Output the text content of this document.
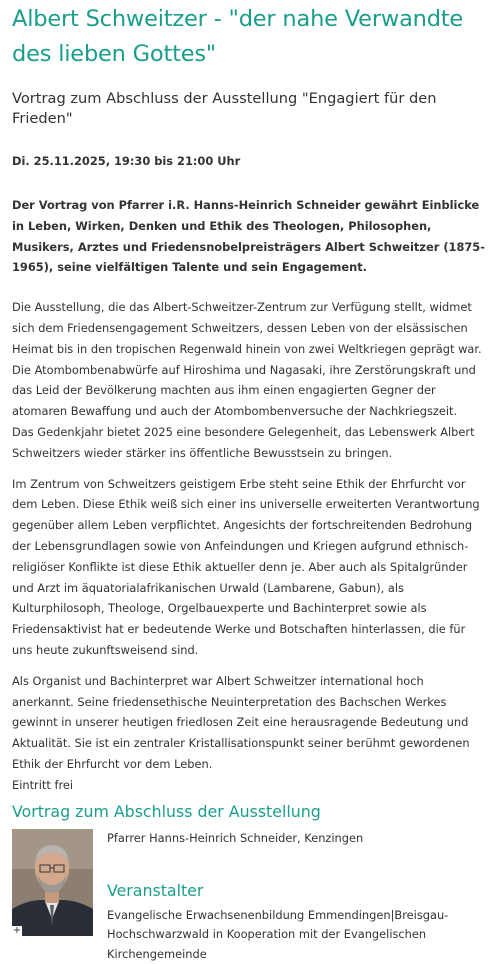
Albert Schweitzer - "der nahe Verwandte des lieben Gottes"
Vortrag zum Abschluss der Ausstellung "Engagiert für den Frieden"
Di. 25.11.2025, 19:30 bis 21:00 Uhr
Der Vortrag von Pfarrer i.R. Hanns-Heinrich Schneider gewährt Einblicke in Leben, Wirken, Denken und Ethik des Theologen, Philosophen, Musikers, Arztes und Friedensnobelpreisträgers Albert Schweitzer (1875-1965), seine vielfältigen Talente und sein Engagement.

Die Ausstellung, die das Albert-Schweitzer-Zentrum zur Verfügung stellt, widmet sich dem Friedensengagement Schweitzers, dessen Leben von der elsässischen Heimat bis in den tropischen Regenwald hinein von zwei Weltkriegen geprägt war. Die Atombombenabwürfe auf Hiroshima und Nagasaki, ihre Zerstörungskraft und das Leid der Bevölkerung machten aus ihm einen engagierten Gegner der atomaren Bewaffung und auch der Atombombenversuche der Nachkriegszeit.
Das Gedenkjahr bietet 2025 eine besondere Gelegenheit, das Lebenswerk Albert Schweitzers wieder stärker ins öffentliche Bewusstsein zu bringen.

Im Zentrum von Schweitzers geistigem Erbe steht seine Ethik der Ehrfurcht vor dem Leben. Diese Ethik weiß sich einer ins universelle erweiterten Verantwortung gegenüber allem Leben verpflichtet. Angesichts der fortschreitenden Bedrohung der Lebensgrundlagen sowie von Anfeindungen und Kriegen aufgrund ethnisch-religiöser Konflikte ist diese Ethik aktueller denn je. Aber auch als Spitalgründer und Arzt im äquatorialafrikanischen Urwald (Lambarene, Gabun), als Kulturphilosoph, Theologe, Orgelbauexperte und Bachinterpret sowie als Friedensaktivist hat er bedeutende Werke und Botschaften hinterlassen, die für uns heute zukunftsweisend sind.

Als Organist und Bachinterpret war Albert Schweitzer international hoch anerkannt. Seine friedensethische Neuinterpretation des Bachschen Werkes gewinnt in unserer heutigen friedlosen Zeit eine herausragende Bedeutung und Aktualität. Sie ist ein zentraler Kristallisationspunkt seiner berühmt gewordenen Ethik der Ehrfurcht vor dem Leben.
Eintritt frei

Vortrag zum Abschluss der Ausstellung
+
Pfarrer Hanns-Heinrich Schneider, Kenzingen
Veranstalter
Evangelische Erwachsenenbildung Emmendingen|Breisgau-Hochschwarzwald in Kooperation mit der Evangelischen Kirchengemeinde
